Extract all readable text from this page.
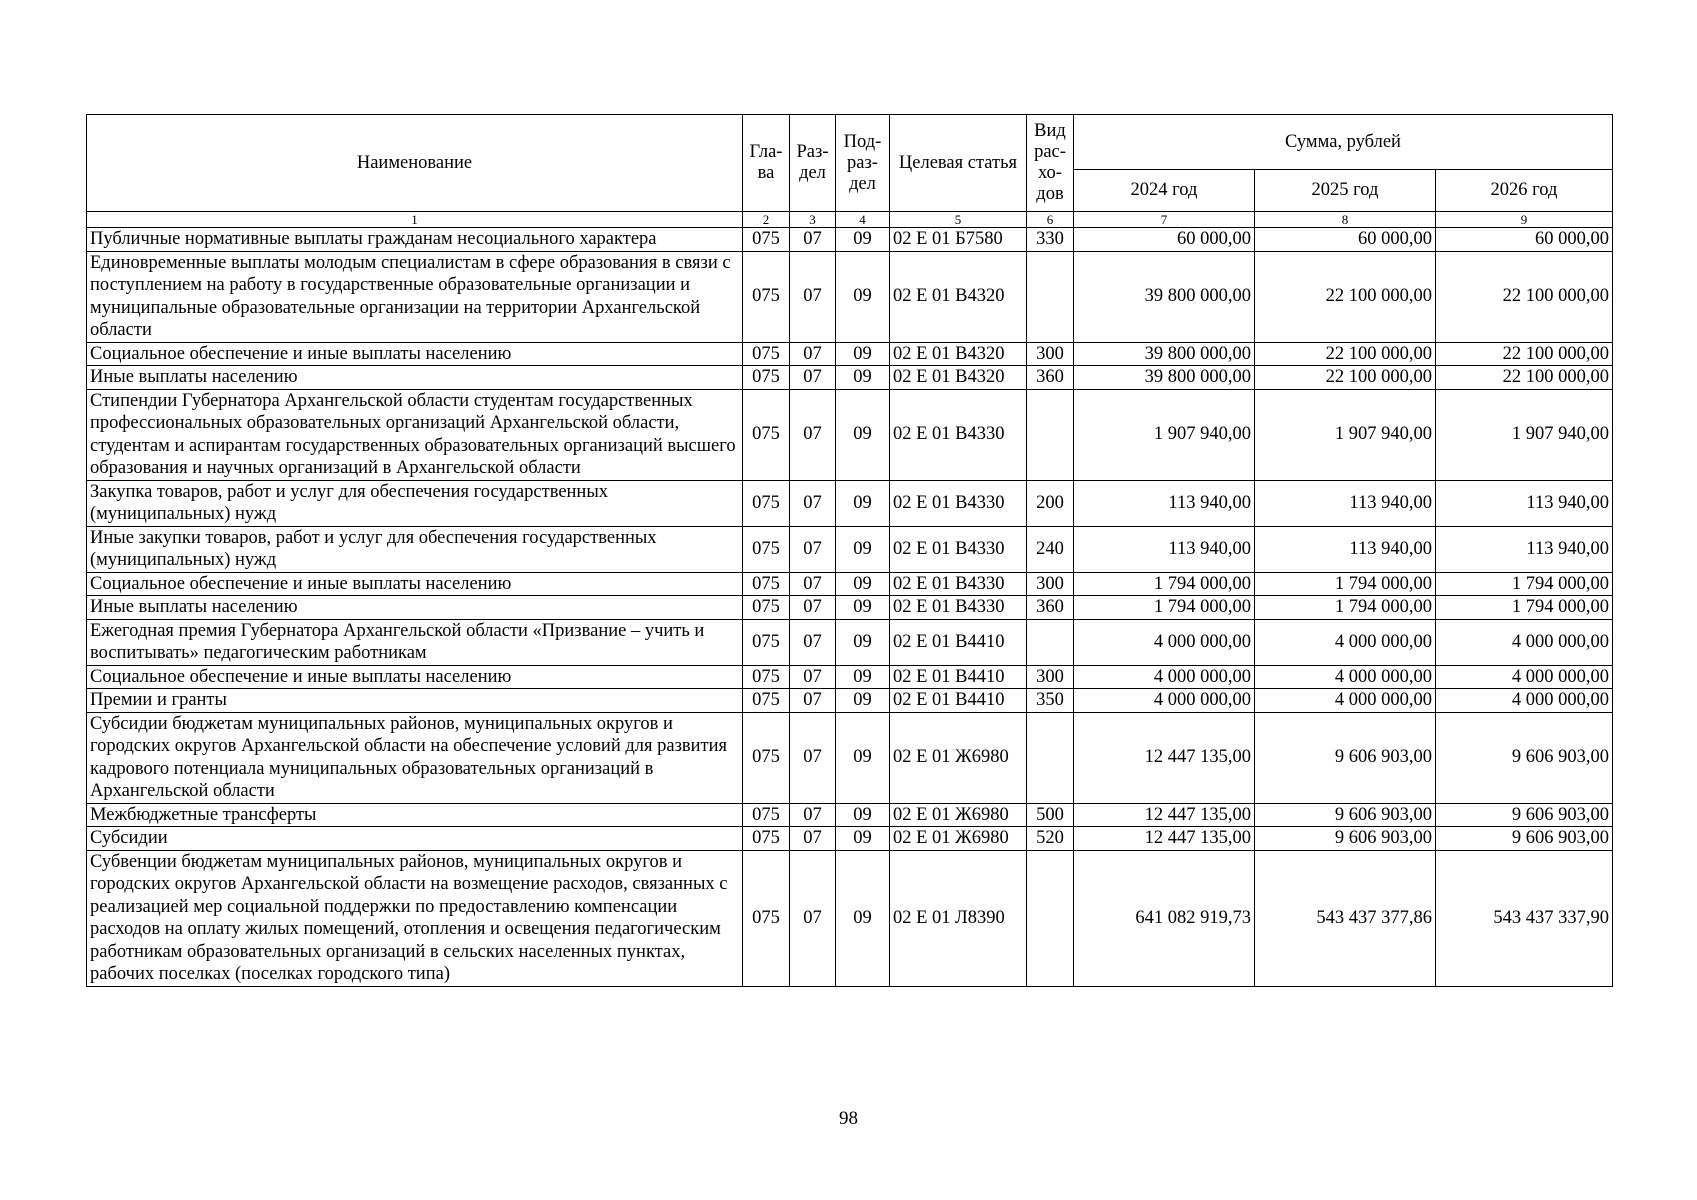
Наименование	Гла-ва	Раз-дел	Под-раз-дел	Целевая статья	Вид рас-хо-дов	Сумма, рублей		
						2024 год	2025 год	2026 год
1	2	3	4	5	6	7	8	9
Публичные нормативные выплаты гражданам несоциального характера	075	07	09	02 Е 01 Б7580	330	60 000,00	60 000,00	60 000,00
Единовременные выплаты молодым специалистам в сфере образования в связи с поступлением на работу в государственные образовательные организации и муниципальные образовательные организации на территории Архангельской области	075	07	09	02 Е 01 В4320		39 800 000,00	22 100 000,00	22 100 000,00
Социальное обеспечение и иные выплаты населению	075	07	09	02 Е 01 В4320	300	39 800 000,00	22 100 000,00	22 100 000,00
Иные выплаты населению	075	07	09	02 Е 01 В4320	360	39 800 000,00	22 100 000,00	22 100 000,00
Стипендии Губернатора Архангельской области студентам государственных профессиональных образовательных организаций Архангельской области, студентам и аспирантам государственных образовательных организаций высшего образования и научных организаций в Архангельской области	075	07	09	02 Е 01 В4330		1 907 940,00	1 907 940,00	1 907 940,00
Закупка товаров, работ и услуг для обеспечения государственных (муниципальных) нужд	075	07	09	02 Е 01 В4330	200	113 940,00	113 940,00	113 940,00
Иные закупки товаров, работ и услуг для обеспечения государственных (муниципальных) нужд	075	07	09	02 Е 01 В4330	240	113 940,00	113 940,00	113 940,00
Социальное обеспечение и иные выплаты населению	075	07	09	02 Е 01 В4330	300	1 794 000,00	1 794 000,00	1 794 000,00
Иные выплаты населению	075	07	09	02 Е 01 В4330	360	1 794 000,00	1 794 000,00	1 794 000,00
Ежегодная премия Губернатора Архангельской области «Призвание – учить и воспитывать» педагогическим работникам	075	07	09	02 Е 01 В4410		4 000 000,00	4 000 000,00	4 000 000,00
Социальное обеспечение и иные выплаты населению	075	07	09	02 Е 01 В4410	300	4 000 000,00	4 000 000,00	4 000 000,00
Премии и гранты	075	07	09	02 Е 01 В4410	350	4 000 000,00	4 000 000,00	4 000 000,00
Субсидии бюджетам муниципальных районов, муниципальных округов и городских округов Архангельской области на обеспечение условий для развития кадрового потенциала муниципальных образовательных организаций в Архангельской области	075	07	09	02 Е 01 Ж6980		12 447 135,00	9 606 903,00	9 606 903,00
Межбюджетные трансферты	075	07	09	02 Е 01 Ж6980	500	12 447 135,00	9 606 903,00	9 606 903,00
Субсидии	075	07	09	02 Е 01 Ж6980	520	12 447 135,00	9 606 903,00	9 606 903,00
Субвенции бюджетам муниципальных районов, муниципальных округов и городских округов Архангельской области на возмещение расходов, связанных с реализацией мер социальной поддержки по предоставлению компенсации расходов на оплату жилых помещений, отопления и освещения педагогическим работникам образовательных организаций в сельских населенных пунктах, рабочих поселках (поселках городского типа)	075	07	09	02 Е 01 Л8390		641 082 919,73	543 437 377,86	543 437 337,90
98
